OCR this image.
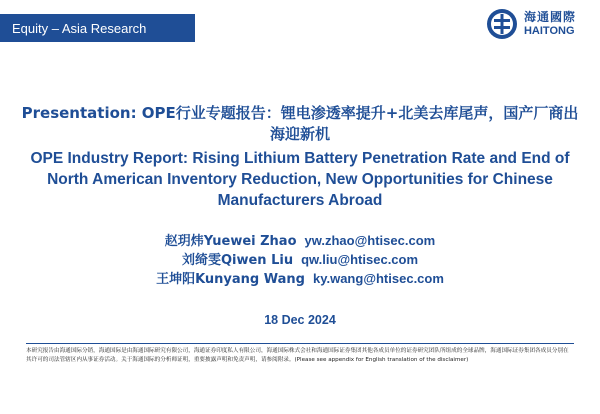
Equity – Asia Research
海通國際
HAITONG
Presentation: OPE行业专题报告：锂电渗透率提升+北美去库尾声，国产厂商出海迎新机
OPE Industry Report: Rising Lithium Battery Penetration Rate and End of North American Inventory Reduction, New Opportunities for Chinese Manufacturers Abroad
赵玥炜Yuewei Zhao yw.zhao@htisec.com
刘绮雯Qiwen Liu qw.liu@htisec.com
王坤阳Kunyang Wang ky.wang@htisec.com
18 Dec 2024
本研究报告由海通国际分销，海通国际是由海通国际研究有限公司，海通证券印度私人有限公司，海通国际株式会社和海通国际证券集团其他各成员单位的证券研究团队所组成的全球品牌，海通国际证券集团各成员分别在其许可的司法管辖区内从事证券活动。关于海通国际的分析师证明，重要披露声明和免责声明，请参阅附录。(Please see appendix for English translation of the disclaimer)
